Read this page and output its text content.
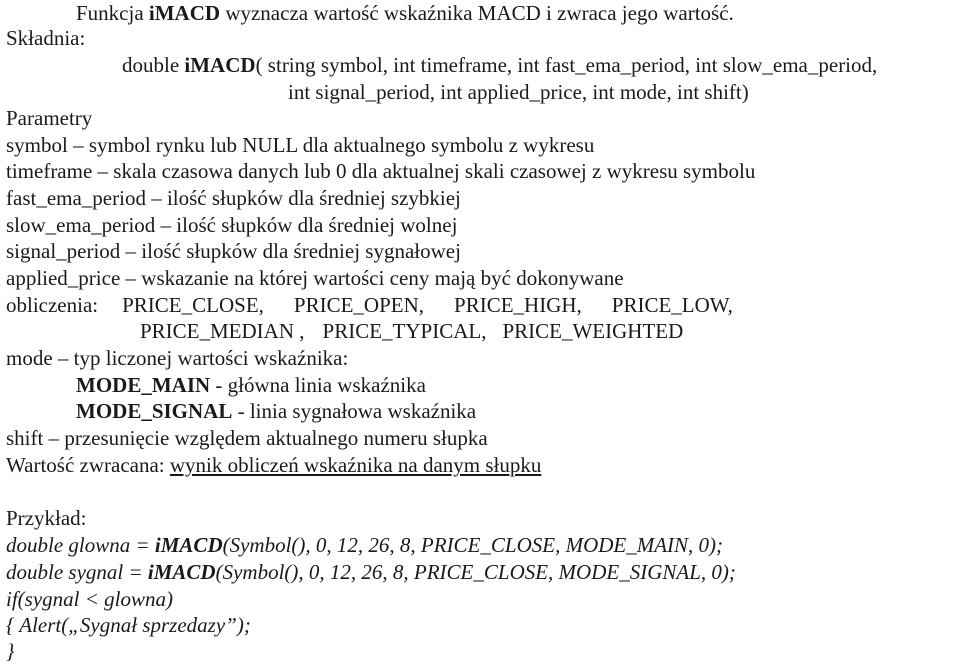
Funkcja iMACD wyznacza wartość wskaźnika MACD i zwraca jego wartość.
Składnia:
double iMACD( string symbol, int timeframe, int fast_ema_period, int slow_ema_period,
int signal_period, int applied_price, int mode, int shift)
Parametry
symbol – symbol rynku lub NULL dla aktualnego symbolu z wykresu
timeframe – skala czasowa danych lub 0 dla aktualnej skali czasowej z wykresu symbolu
fast_ema_period – ilość słupków dla średniej szybkiej
slow_ema_period – ilość słupków dla średniej wolnej
signal_period – ilość słupków dla średniej sygnałowej
applied_price – wskazanie na której wartości ceny mają być dokonywane
obliczenia: PRICE_CLOSE, PRICE_OPEN, PRICE_HIGH, PRICE_LOW,
PRICE_MEDIAN , PRICE_TYPICAL, PRICE_WEIGHTED
mode – typ liczonej wartości wskaźnika:
MODE_MAIN - główna linia wskaźnika
MODE_SIGNAL - linia sygnałowa wskaźnika
shift – przesunięcie względem aktualnego numeru słupka
Wartość zwracana: wynik obliczeń wskaźnika na danym słupku
Przykład:
double glowna = iMACD(Symbol(), 0, 12, 26, 8, PRICE_CLOSE, MODE_MAIN, 0);
double sygnal = iMACD(Symbol(), 0, 12, 26, 8, PRICE_CLOSE, MODE_SIGNAL, 0);
if(sygnal < glowna)
{ Alert(„Sygnał sprzedazy”);
}
